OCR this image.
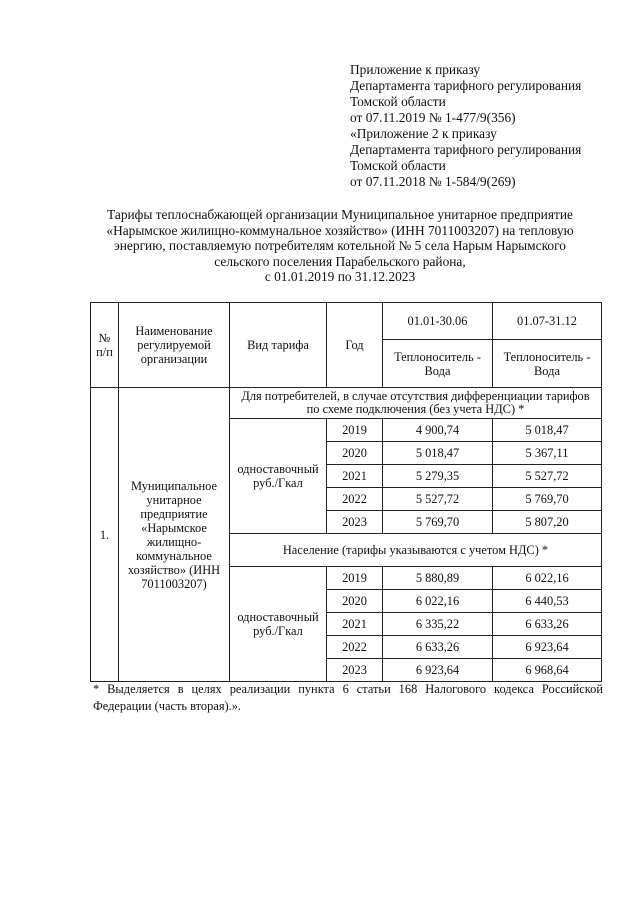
Приложение к приказу
Департамента тарифного регулирования
Томской области
от 07.11.2019 № 1-477/9(356)
«Приложение 2 к приказу
Департамента тарифного регулирования
Томской области
от 07.11.2018 № 1-584/9(269)
Тарифы теплоснабжающей организации Муниципальное унитарное предприятие
«Нарымское жилищно-коммунальное хозяйство» (ИНН 7011003207) на тепловую
энергию, поставляемую потребителям котельной № 5 села Нарым Нарымского
сельского поселения Парабельского района,
с 01.01.2019 по 31.12.2023
№ п/п	Наименование регулируемой организации	Вид тарифа	Год	01.01-30.06	01.07-31.12
				Теплоноситель - Вода	Теплоноситель - Вода
1.	Муниципальное унитарное предприятие «Нарымское жилищно-коммунальное хозяйство» (ИНН 7011003207)	Для потребителей, в случае отсутствия дифференциации тарифов по схеме подключения (без учета НДС) *			
		одноставочный руб./Гкал	2019	4 900,74	5 018,47
			2020	5 018,47	5 367,11
			2021	5 279,35	5 527,72
			2022	5 527,72	5 769,70
			2023	5 769,70	5 807,20
		Население (тарифы указываются с учетом НДС) *			
		одноставочный руб./Гкал	2019	5 880,89	6 022,16
			2020	6 022,16	6 440,53
			2021	6 335,22	6 633,26
			2022	6 633,26	6 923,64
			2023	6 923,64	6 968,64
* Выделяется в целях реализации пункта 6 статьи 168 Налогового кодекса Российской Федерации (часть вторая).».
